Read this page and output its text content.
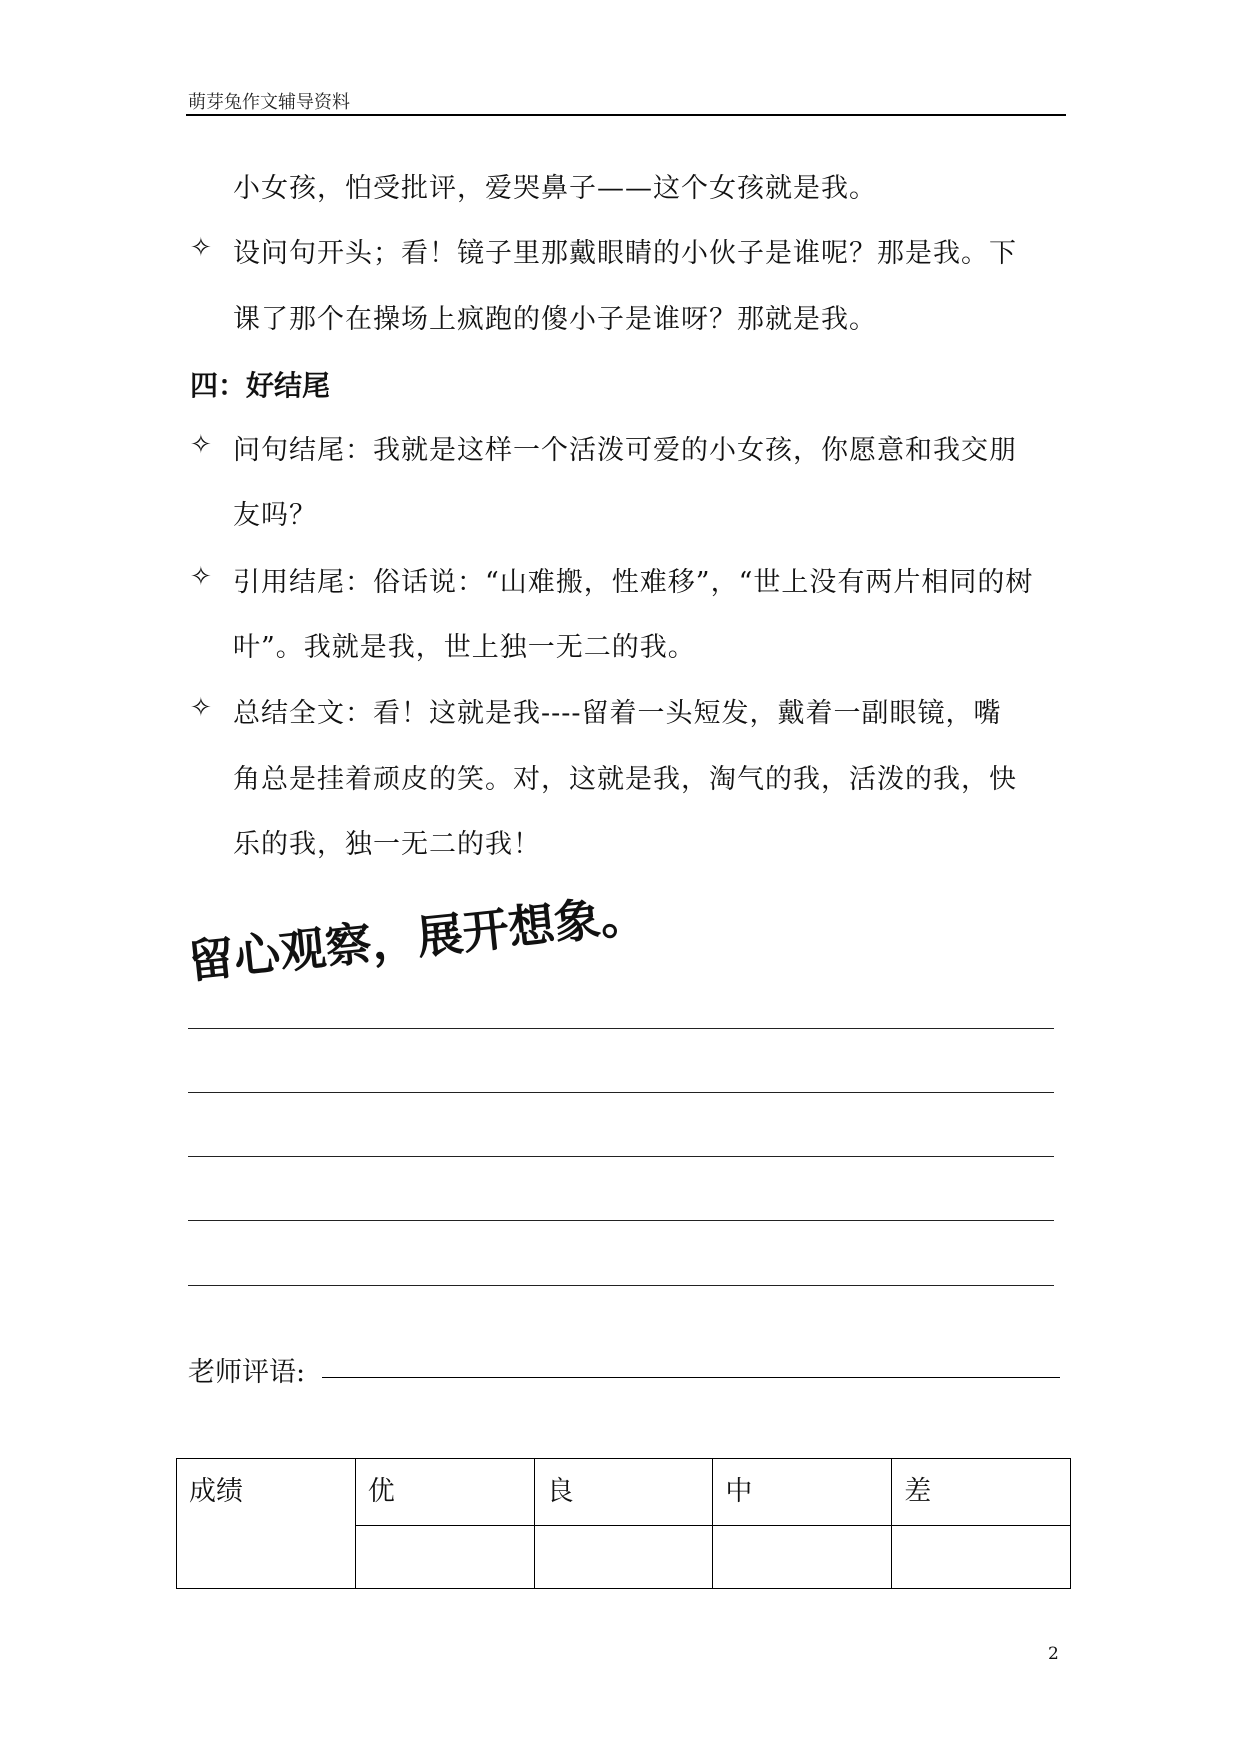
萌芽兔作文辅导资料
小女孩，怕受批评，爱哭鼻子——这个女孩就是我。
✧ 设问句开头；看！镜子里那戴眼睛的小伙子是谁呢？那是我。下
课了那个在操场上疯跑的傻小子是谁呀？那就是我。
四：好结尾
✧ 问句结尾：我就是这样一个活泼可爱的小女孩，你愿意和我交朋
友吗？
✧ 引用结尾：俗话说：“山难搬，性难移”，“世上没有两片相同的树
叶”。我就是我，世上独一无二的我。
✧ 总结全文：看！这就是我----留着一头短发，戴着一副眼镜，嘴
角总是挂着顽皮的笑。对，这就是我，淘气的我，活泼的我，快
乐的我，独一无二的我！
留心观察，展开想象。
老师评语:
成绩	优	良	中	差

2
